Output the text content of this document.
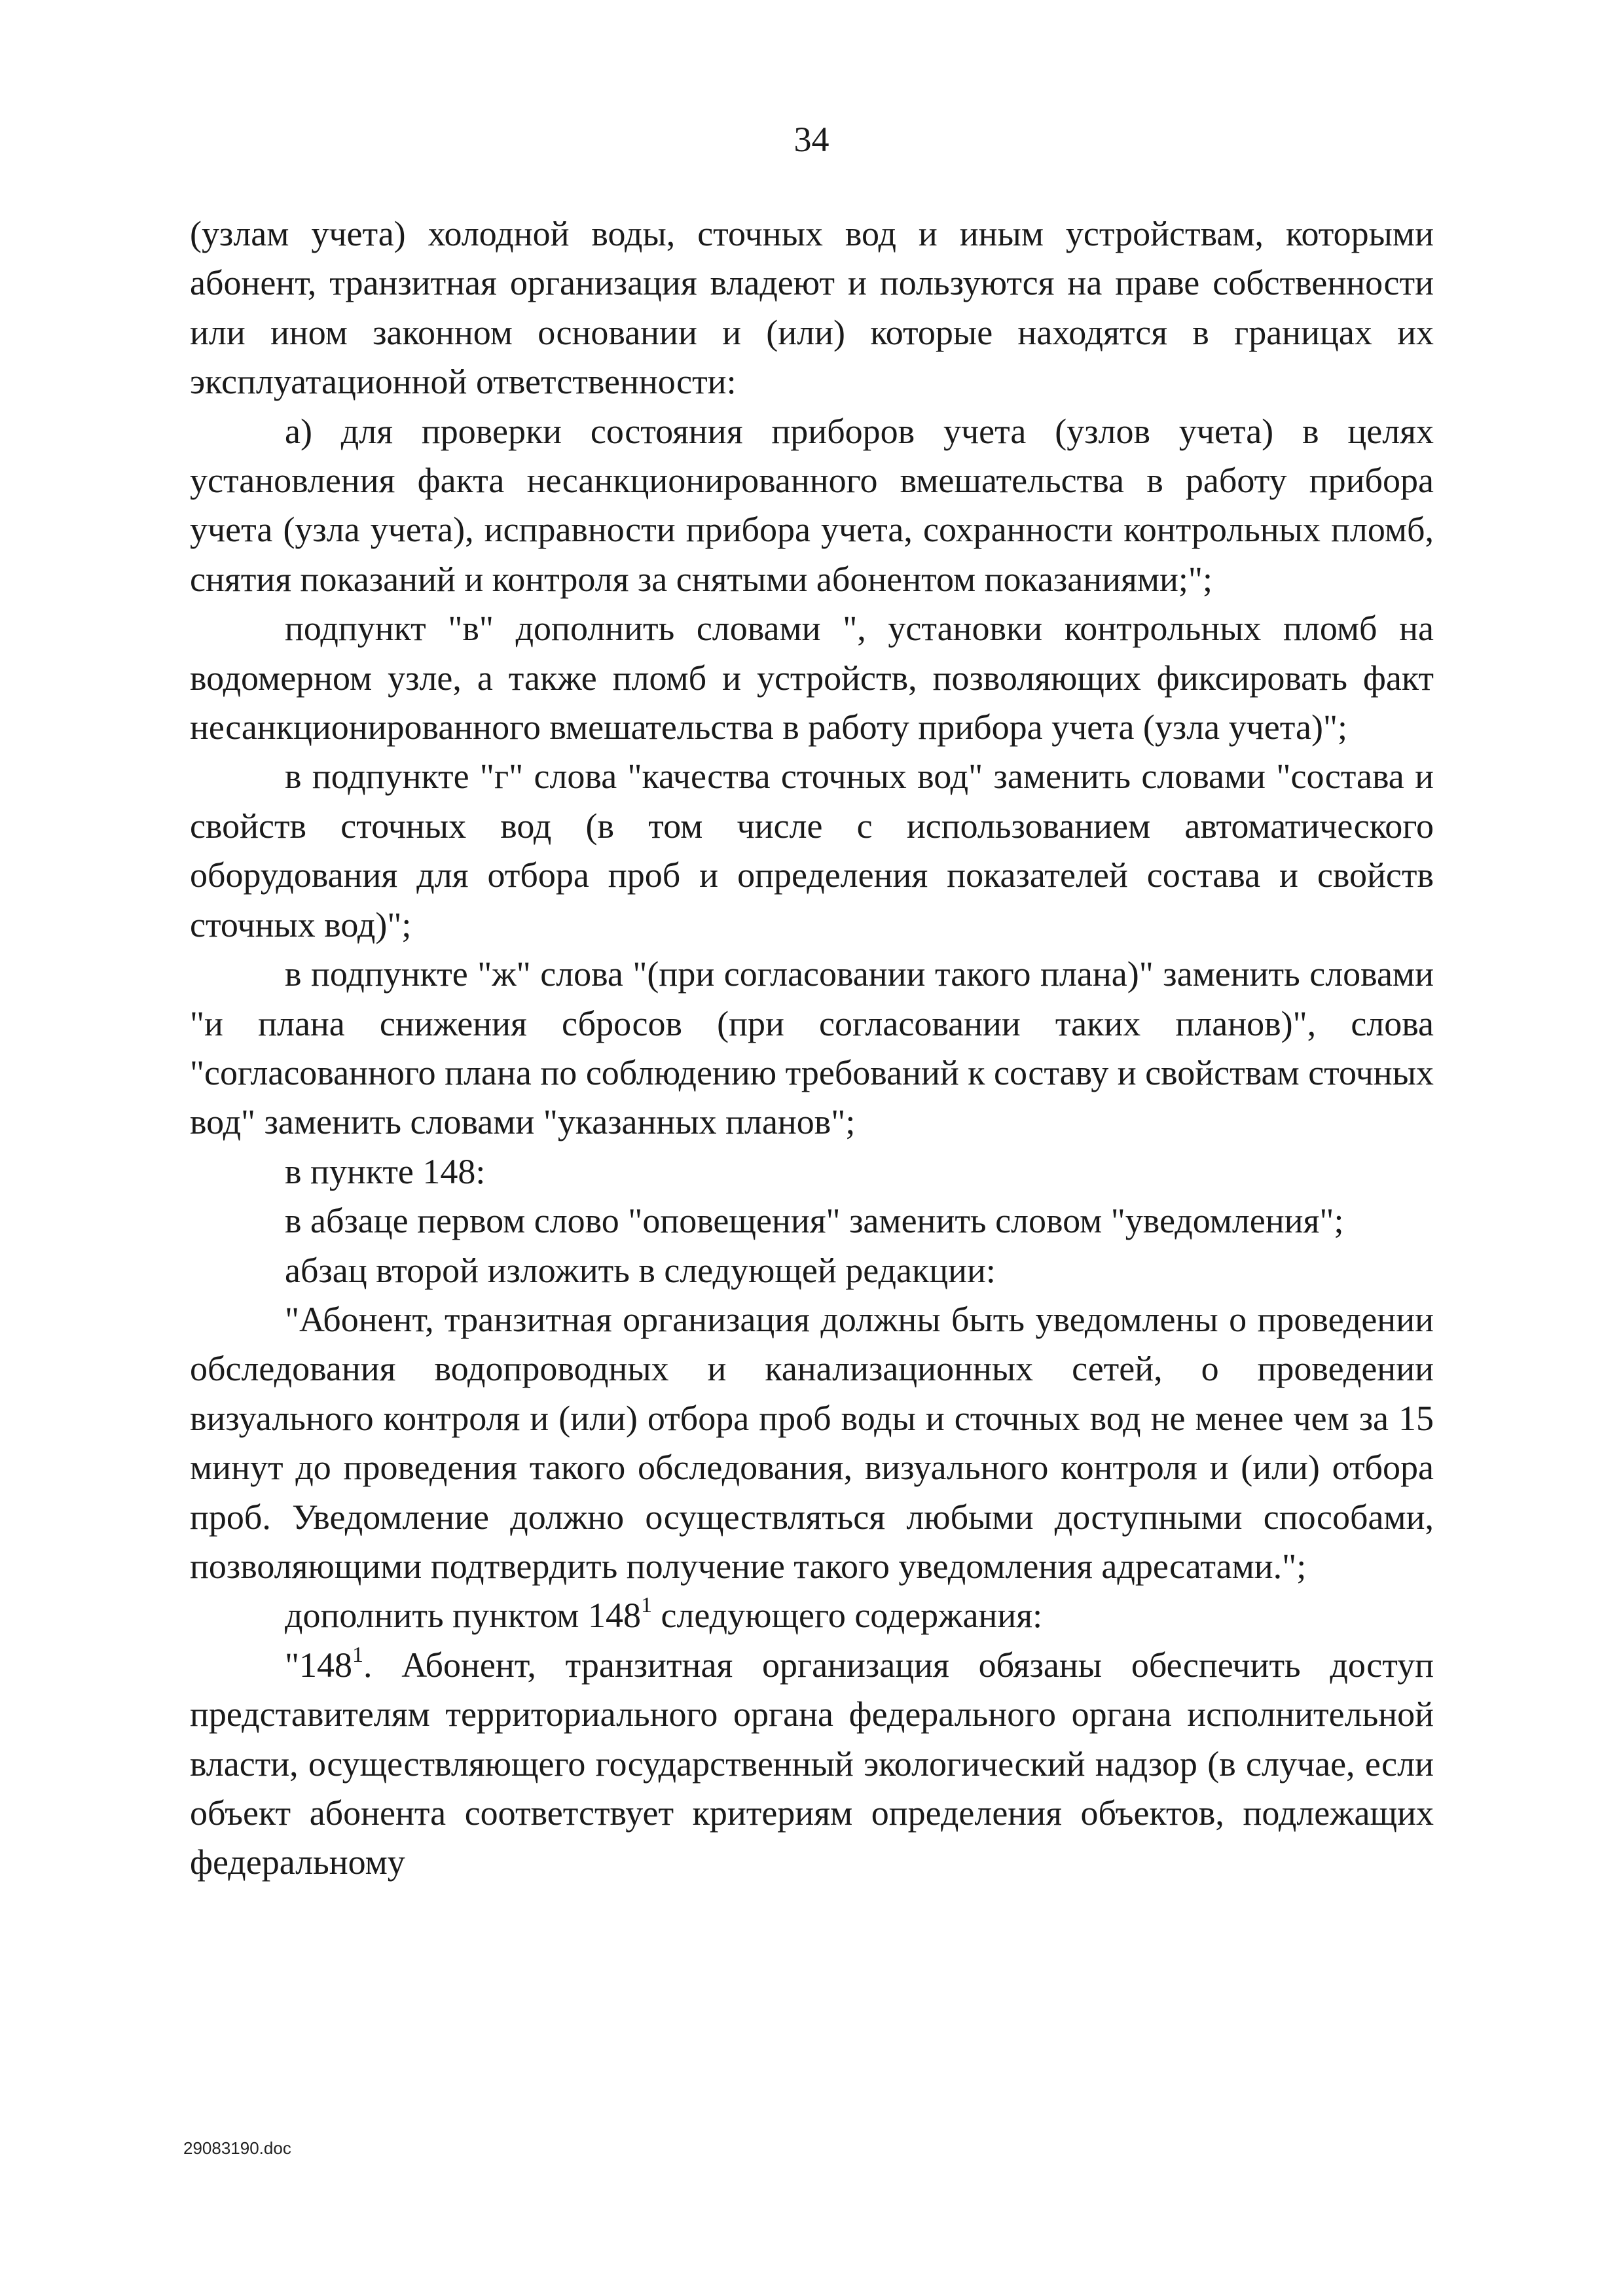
34

(узлам учета) холодной воды, сточных вод и иным устройствам, которыми абонент, транзитная организация владеют и пользуются на праве собственности или ином законном основании и (или) которые находятся в границах их эксплуатационной ответственности:

а) для проверки состояния приборов учета (узлов учета) в целях установления факта несанкционированного вмешательства в работу прибора учета (узла учета), исправности прибора учета, сохранности контрольных пломб, снятия показаний и контроля за снятыми абонентом показаниями;";

подпункт "в" дополнить словами ", установки контрольных пломб на водомерном узле, а также пломб и устройств, позволяющих фиксировать факт несанкционированного вмешательства в работу прибора учета (узла учета)";

в подпункте "г" слова "качества сточных вод" заменить словами "состава и свойств сточных вод (в том числе с использованием автоматического оборудования для отбора проб и определения показателей состава и свойств сточных вод)";

в подпункте "ж" слова "(при согласовании такого плана)" заменить словами "и плана снижения сбросов (при согласовании таких планов)", слова "согласованного плана по соблюдению требований к составу и свойствам сточных вод" заменить словами "указанных планов";

в пункте 148:

в абзаце первом слово "оповещения" заменить словом "уведомления";

абзац второй изложить в следующей редакции:

"Абонент, транзитная организация должны быть уведомлены о проведении обследования водопроводных и канализационных сетей, о проведении визуального контроля и (или) отбора проб воды и сточных вод не менее чем за 15 минут до проведения такого обследования, визуального контроля и (или) отбора проб. Уведомление должно осуществляться любыми доступными способами, позволяющими подтвердить получение такого уведомления адресатами.";

дополнить пунктом $148^1$ следующего содержания:

"$148^1$. Абонент, транзитная организация обязаны обеспечить доступ представителям территориального органа федерального органа исполнительной власти, осуществляющего государственный экологический надзор (в случае, если объект абонента соответствует критериям определения объектов, подлежащих федеральному

29083190.doc
